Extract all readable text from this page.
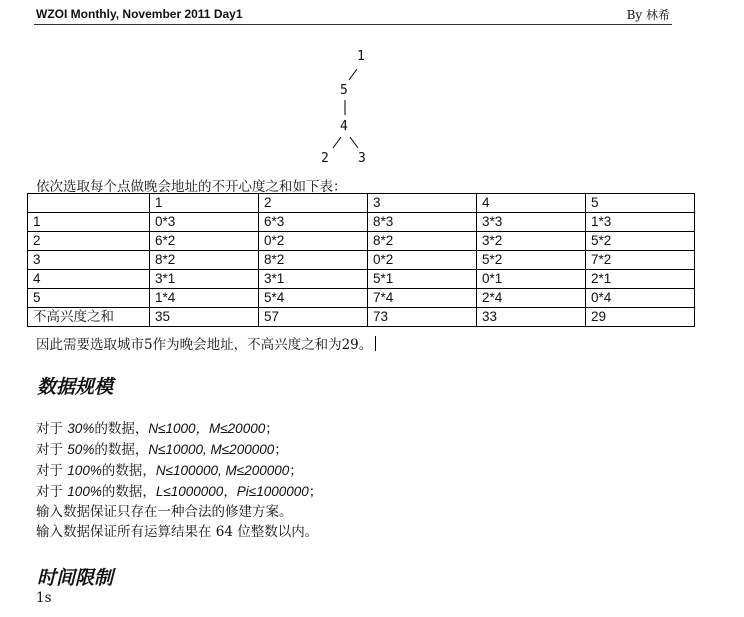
WZOI Monthly, November 2011 Day1	By 林希
1
5
4
2 3
依次选取每个点做晚会地址的不开心度之和如下表：
	1	2	3	4	5
1	0*3	6*3	8*3	3*3	1*3
2	6*2	0*2	8*2	3*2	5*2
3	8*2	8*2	0*2	5*2	7*2
4	3*1	3*1	5*1	0*1	2*1
5	1*4	5*4	7*4	2*4	0*4
不高兴度之和	35	57	73	33	29
因此需要选取城市5作为晚会地址，不高兴度之和为29。
数据规模
对于 30%的数据，N≤1000，M≤20000；
对于 50%的数据，N≤10000, M≤200000；
对于 100%的数据，N≤100000, M≤200000；
对于 100%的数据，L≤1000000，Pi≤1000000；
输入数据保证只存在一种合法的修建方案。
输入数据保证所有运算结果在 64 位整数以内。
时间限制
1s
